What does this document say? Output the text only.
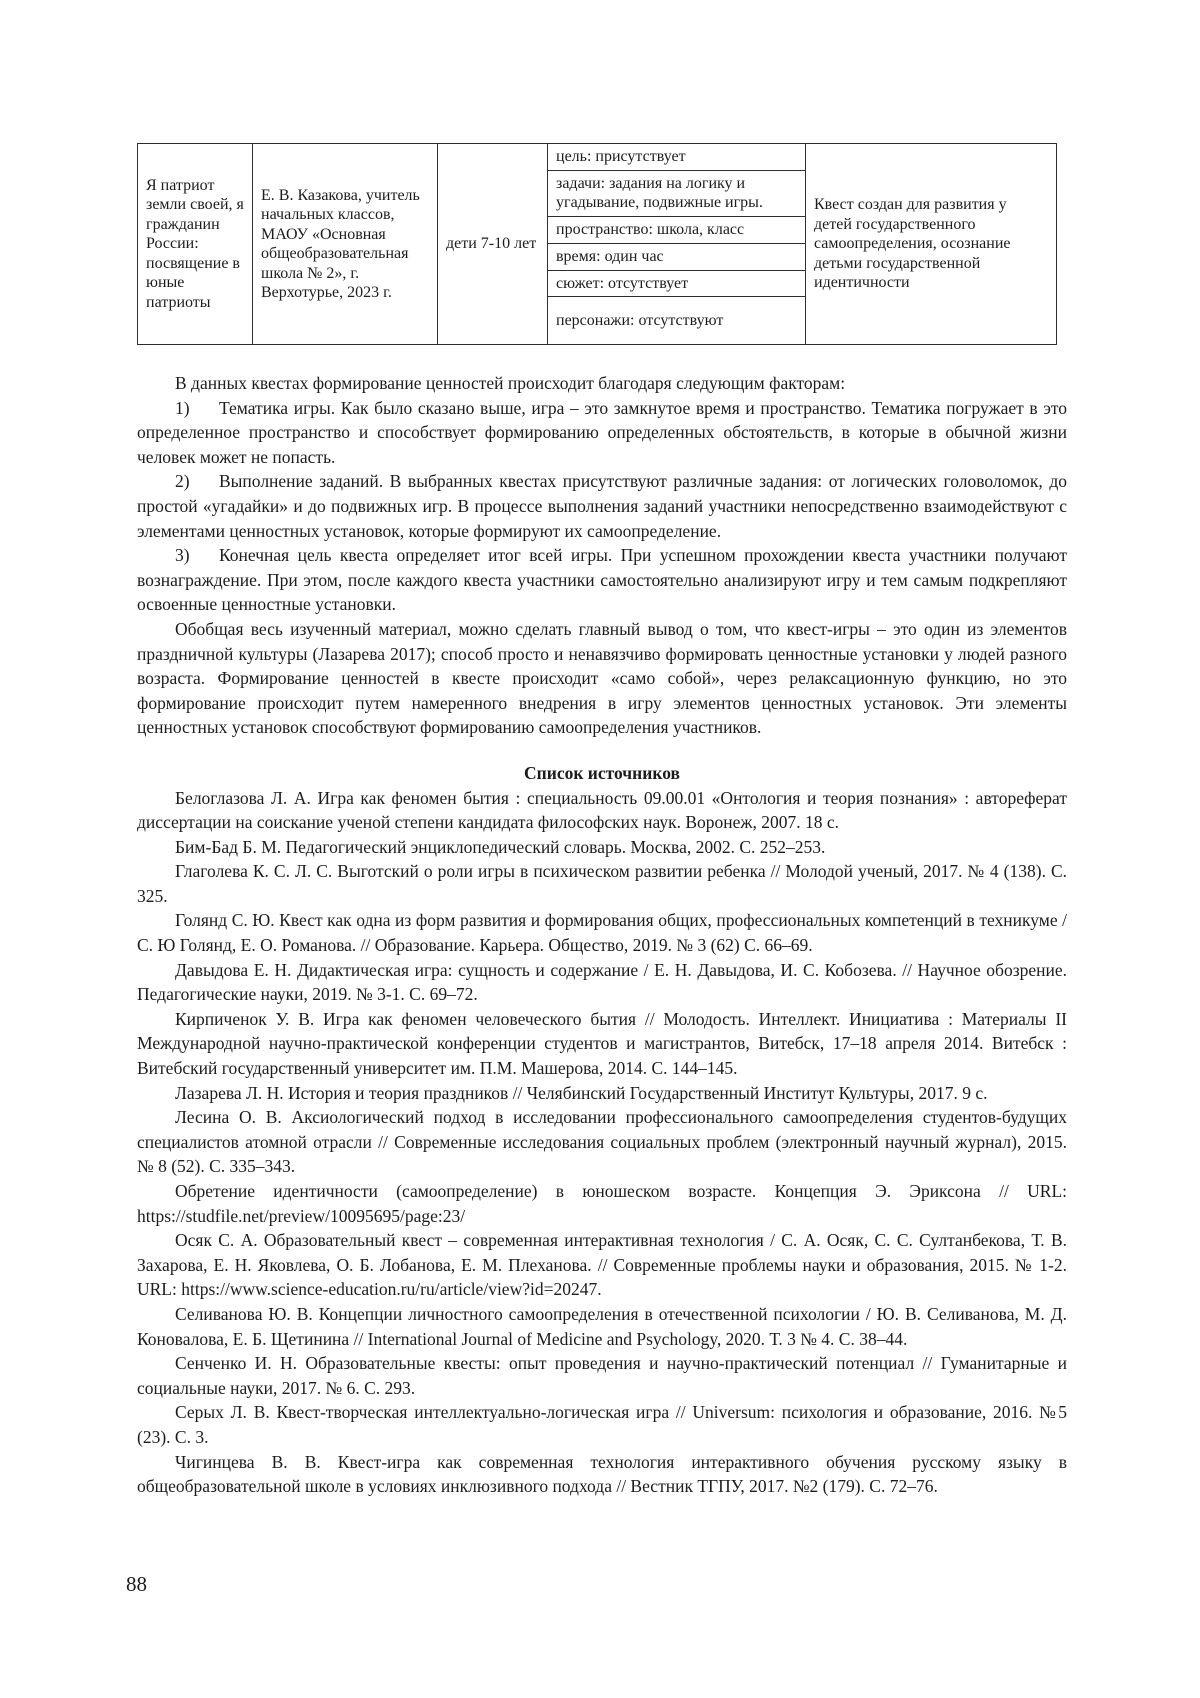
Я патриот земли своей, я гражданин России: посвящение в юные патриоты	Е. В. Казакова, учитель начальных классов, МАОУ «Основная общеобразовательная школа № 2», г. Верхотурье, 2023 г.	дети 7-10 лет	цель: присутствует	Квест создан для развития у детей государственного самоопределения, осознание детьми государственной идентичности
задачи: задания на логику и угадывание, подвижные игры.
пространство: школа, класс
время: один час
сюжет: отсутствует
персонажи: отсутствуют

В данных квестах формирование ценностей происходит благодаря следующим факторам:

1) Тематика игры. Как было сказано выше, игра – это замкнутое время и пространство. Тематика погружает в это определенное пространство и способствует формированию определенных обстоятельств, в которые в обычной жизни человек может не попасть.

2) Выполнение заданий. В выбранных квестах присутствуют различные задания: от логических головоломок, до простой «угадайки» и до подвижных игр. В процессе выполнения заданий участники непосредственно взаимодействуют с элементами ценностных установок, которые формируют их самоопределение.

3) Конечная цель квеста определяет итог всей игры. При успешном прохождении квеста участники получают вознаграждение. При этом, после каждого квеста участники самостоятельно анализируют игру и тем самым подкрепляют освоенные ценностные установки.

Обобщая весь изученный материал, можно сделать главный вывод о том, что квест-игры – это один из элементов праздничной культуры (Лазарева 2017); способ просто и ненавязчиво формировать ценностные установки у людей разного возраста. Формирование ценностей в квесте происходит «само собой», через релаксационную функцию, но это формирование происходит путем намеренного внедрения в игру элементов ценностных установок. Эти элементы ценностных установок способствуют формированию самоопределения участников.

Список источников

Белоглазова Л. А. Игра как феномен бытия : специальность 09.00.01 «Онтология и теория познания» : автореферат диссертации на соискание ученой степени кандидата философских наук. Воронеж, 2007. 18 с.

Бим-Бад Б. М. Педагогический энциклопедический словарь. Москва, 2002. С. 252–253.

Глаголева К. С. Л. С. Выготский о роли игры в психическом развитии ребенка // Молодой ученый, 2017. № 4 (138). С. 325.

Голянд С. Ю. Квест как одна из форм развития и формирования общих, профессиональных компетенций в техникуме / С. Ю Голянд, Е. О. Романова. // Образование. Карьера. Общество, 2019. № 3 (62) С. 66–69.

Давыдова Е. Н. Дидактическая игра: сущность и содержание / Е. Н. Давыдова, И. С. Кобозева. // Научное обозрение. Педагогические науки, 2019. № 3-1. С. 69–72.

Кирпиченок У. В. Игра как феномен человеческого бытия // Молодость. Интеллект. Инициатива : Материалы II Международной научно-практической конференции студентов и магистрантов, Витебск, 17–18 апреля 2014. Витебск : Витебский государственный университет им. П.М. Машерова, 2014. С. 144–145.

Лазарева Л. Н. История и теория праздников // Челябинский Государственный Институт Культуры, 2017. 9 с.

Лесина О. В. Аксиологический подход в исследовании профессионального самоопределения студентов-будущих специалистов атомной отрасли // Современные исследования социальных проблем (электронный научный журнал), 2015. № 8 (52). С. 335–343.

Обретение идентичности (самоопределение) в юношеском возрасте. Концепция Э. Эриксона // URL: https://studfile.net/preview/10095695/page:23/

Осяк С. А. Образовательный квест – современная интерактивная технология / С. А. Осяк, С. С. Султанбекова, Т. В. Захарова, Е. Н. Яковлева, О. Б. Лобанова, Е. М. Плеханова. // Современные проблемы науки и образования, 2015. № 1-2. URL: https://www.science-education.ru/ru/article/view?id=20247.

Селиванова Ю. В. Концепции личностного самоопределения в отечественной психологии / Ю. В. Селиванова, М. Д. Коновалова, Е. Б. Щетинина // International Journal of Medicine and Psychology, 2020. Т. 3 № 4. С. 38–44.

Сенченко И. Н. Образовательные квесты: опыт проведения и научно-практический потенциал // Гуманитарные и социальные науки, 2017. № 6. С. 293.

Серых Л. В. Квест-творческая интеллектуально-логическая игра // Universum: психология и образование, 2016. №5 (23). С. 3.

Чигинцева В. В. Квест-игра как современная технология интерактивного обучения русскому языку в общеобразовательной школе в условиях инклюзивного подхода // Вестник ТГПУ, 2017. №2 (179). С. 72–76.

88
